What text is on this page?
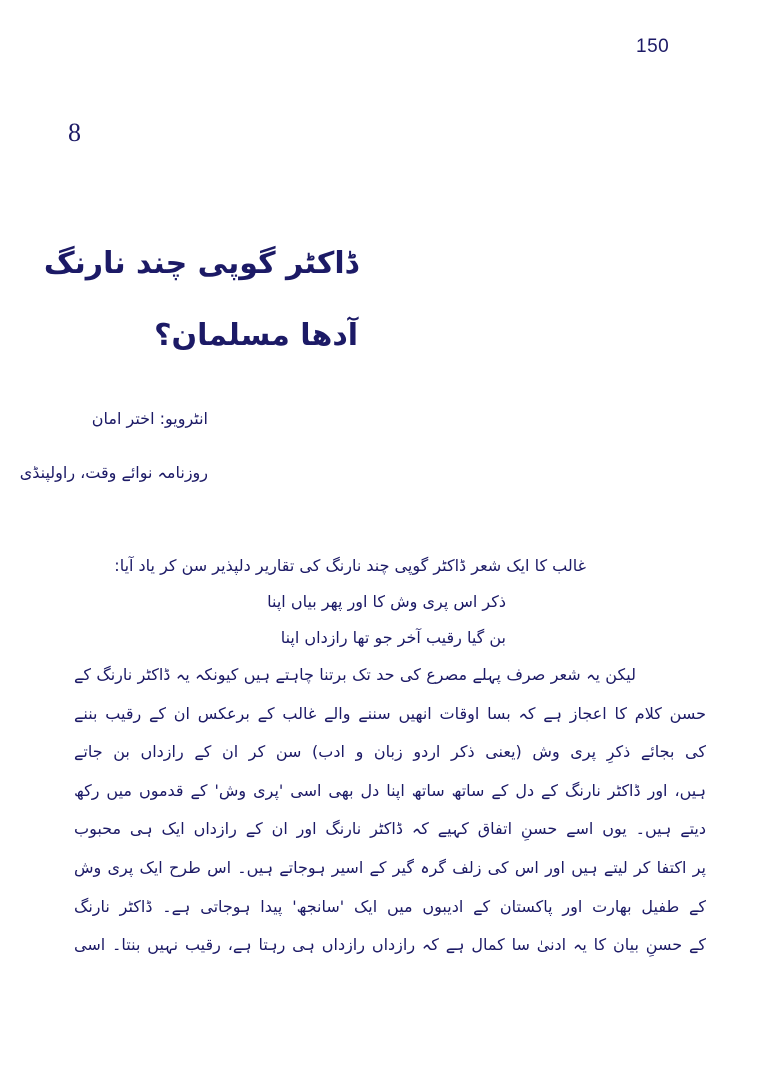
150
8
ڈاکٹر گوپی چند نارنگ
آدھا مسلمان؟
انٹرویو: اختر امان
روزنامہ نوائے وقت، راولپنڈی
غالب کا ایک شعر ڈاکٹر گوپی چند نارنگ کی تقاریر دلپذیر سن کر یاد آیا:
ذکر اس پری وش کا اور پھر بیاں اپنا
بن گیا رقیب آخر جو تھا رازداں اپنا
لیکن یہ شعر صرف پہلے مصرع کی حد تک برتنا چاہتے ہیں کیونکہ یہ ڈاکٹر نارنگ کے
حسن کلام کا اعجاز ہے کہ بسا اوقات انھیں سننے والے غالب کے برعکس ان کے رقیب بننے
کی بجائے ذکرِ پری وش (یعنی ذکر اردو زبان و ادب) سن کر ان کے رازداں بن جاتے
ہیں، اور ڈاکٹر نارنگ کے دل کے ساتھ ساتھ اپنا دل بھی اسی 'پری وش' کے قدموں میں رکھ
دیتے ہیں۔ یوں اسے حسنِ اتفاق کہیے کہ ڈاکٹر نارنگ اور ان کے رازداں ایک ہی محبوب
پر اکتفا کر لیتے ہیں اور اس کی زلف گرہ گیر کے اسیر ہوجاتے ہیں۔ اس طرح ایک پری وش
کے طفیل بھارت اور پاکستان کے ادیبوں میں ایک 'سانجھ' پیدا ہوجاتی ہے۔ ڈاکٹر نارنگ
کے حسنِ بیان کا یہ ادنیٰ سا کمال ہے کہ رازداں رازداں ہی رہتا ہے، رقیب نہیں بنتا۔ اسی
